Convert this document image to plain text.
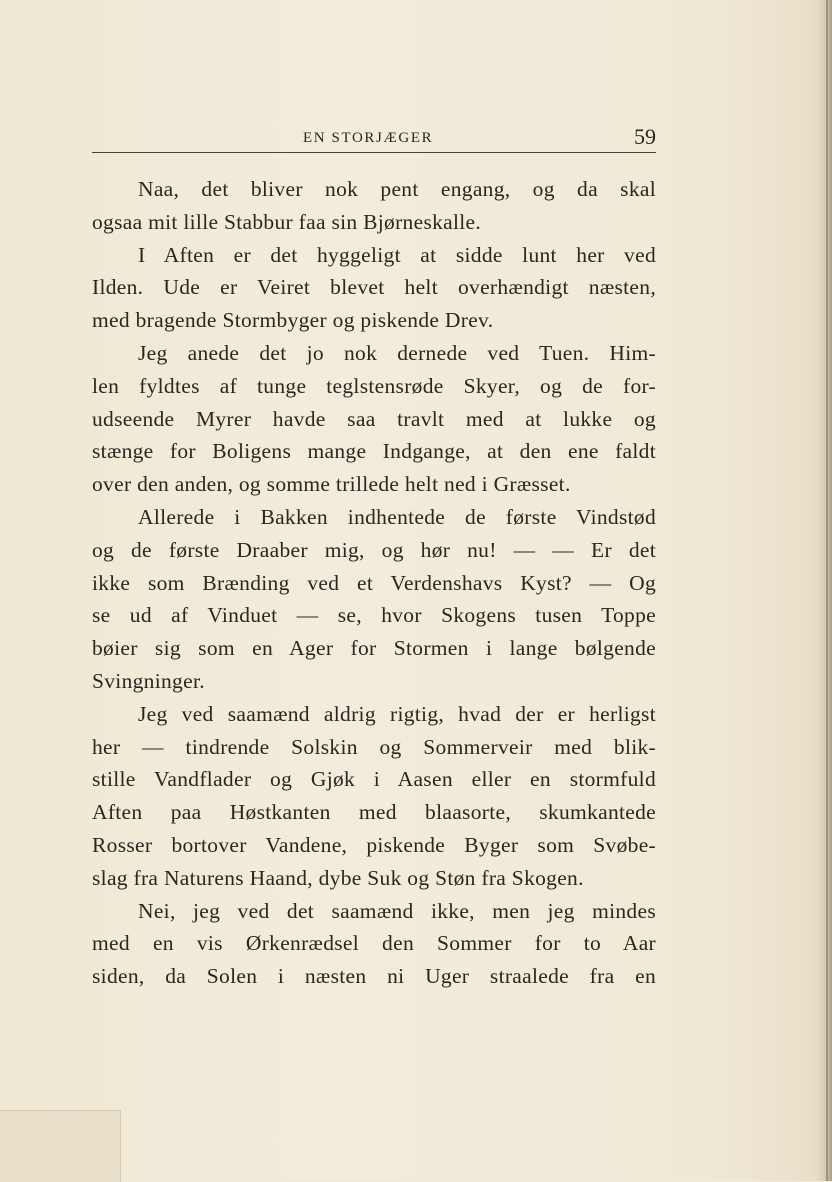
EN STORJÆGER	59
Naa, det bliver nok pent engang, og da skal
ogsaa mit lille Stabbur faa sin Bjørneskalle.
I Aften er det hyggeligt at sidde lunt her ved
Ilden. Ude er Veiret blevet helt overhændigt næsten,
med bragende Stormbyger og piskende Drev.
Jeg anede det jo nok dernede ved Tuen. Him-
len fyldtes af tunge teglstensrøde Skyer, og de for-
udseende Myrer havde saa travlt med at lukke og
stænge for Boligens mange Indgange, at den ene faldt
over den anden, og somme trillede helt ned i Græsset.
Allerede i Bakken indhentede de første Vindstød
og de første Draaber mig, og hør nu! — — Er det
ikke som Brænding ved et Verdenshavs Kyst? — Og
se ud af Vinduet — se, hvor Skogens tusen Toppe
bøier sig som en Ager for Stormen i lange bølgende
Svingninger.
Jeg ved saamænd aldrig rigtig, hvad der er herligst
her — tindrende Solskin og Sommerveir med blik-
stille Vandflader og Gjøk i Aasen eller en stormfuld
Aften paa Høstkanten med blaasorte, skumkantede
Rosser bortover Vandene, piskende Byger som Svøbe-
slag fra Naturens Haand, dybe Suk og Støn fra Skogen.
Nei, jeg ved det saamænd ikke, men jeg mindes
med en vis Ørkenrædsel den Sommer for to Aar
siden, da Solen i næsten ni Uger straalede fra en
